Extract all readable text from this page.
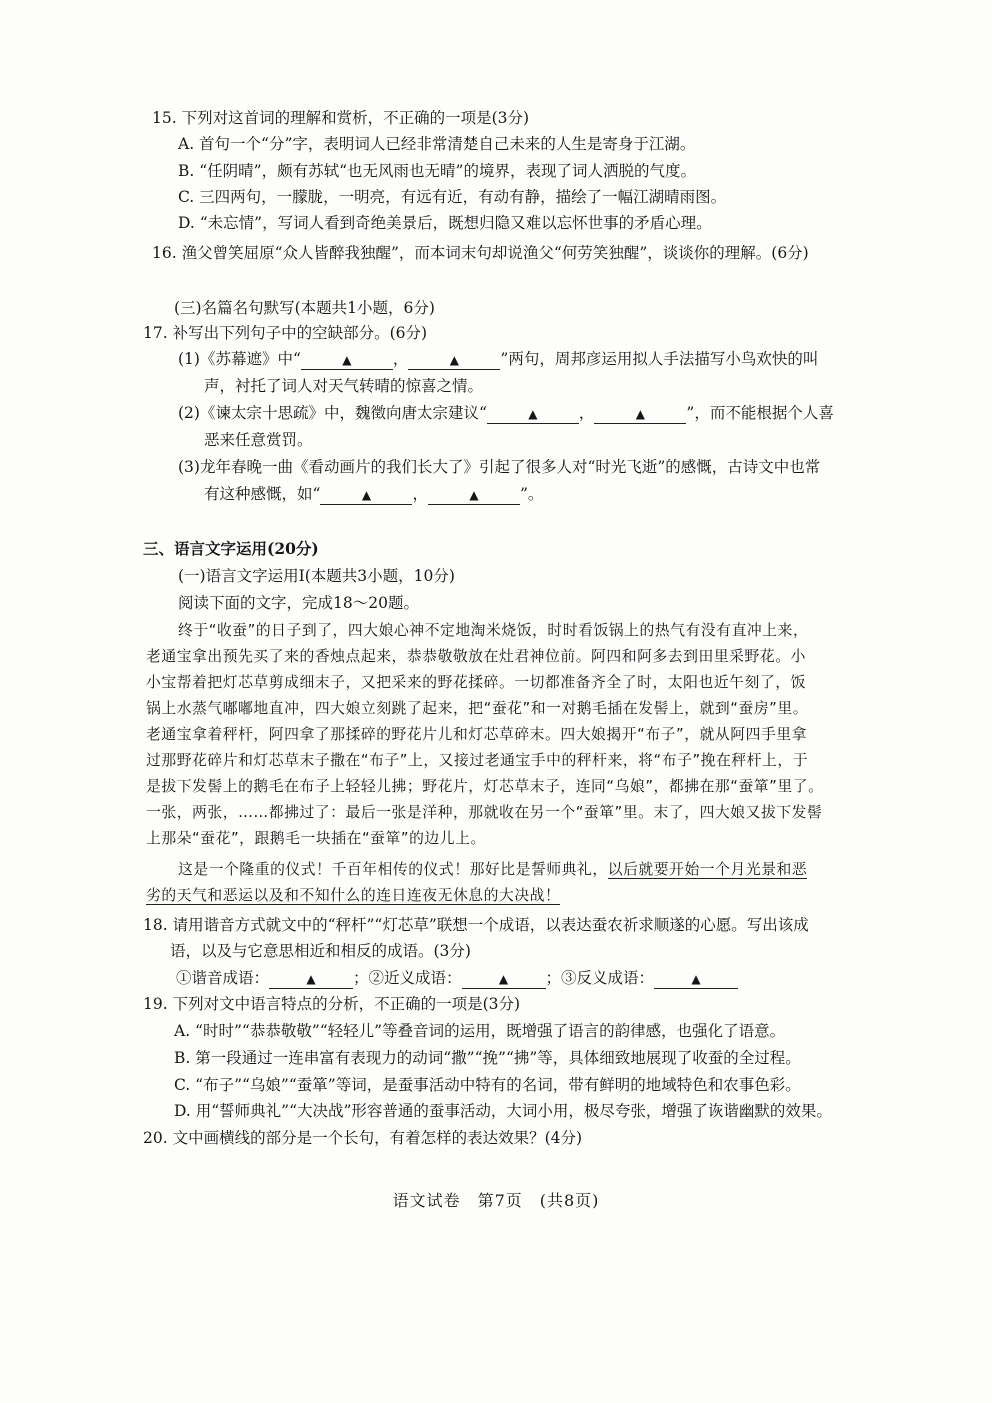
15. 下列对这首词的理解和赏析，不正确的一项是(3分)
A. 首句一个“分”字，表明词人已经非常清楚自己未来的人生是寄身于江湖。
B. “任阴晴”，颇有苏轼“也无风雨也无晴”的境界，表现了词人洒脱的气度。
C. 三四两句，一朦胧，一明亮，有远有近，有动有静，描绘了一幅江湖晴雨图。
D. “未忘情”，写词人看到奇绝美景后，既想归隐又难以忘怀世事的矛盾心理。
16. 渔父曾笑屈原“众人皆醉我独醒”，而本词末句却说渔父“何劳笑独醒”，谈谈你的理解。(6分)
(三)名篇名句默写(本题共1小题，6分)
17. 补写出下列句子中的空缺部分。(6分)
(1)《苏幕遮》中“	▲	，	▲	”两句，周邦彦运用拟人手法描写小鸟欢快的叫
声，衬托了词人对天气转晴的惊喜之情。
(2)《谏太宗十思疏》中，魏徵向唐太宗建议“	▲	，	▲	”，而不能根据个人喜
恶来任意赏罚。
(3)龙年春晚一曲《看动画片的我们长大了》引起了很多人对“时光飞逝”的感慨，古诗文中也常
有这种感慨，如“	▲	，	▲	”。
三、语言文字运用(20分)
(一)语言文字运用Ⅰ(本题共3小题，10分)
阅读下面的文字，完成18～20题。
终于“收蚕”的日子到了，四大娘心神不定地淘米烧饭，时时看饭锅上的热气有没有直冲上来，
老通宝拿出预先买了来的香烛点起来，恭恭敬敬放在灶君神位前。阿四和阿多去到田里采野花。小
小宝帮着把灯芯草剪成细末子，又把采来的野花揉碎。一切都准备齐全了时，太阳也近午刻了，饭
锅上水蒸气嘟嘟地直冲，四大娘立刻跳了起来，把“蚕花”和一对鹅毛插在发髻上，就到“蚕房”里。
老通宝拿着秤杆，阿四拿了那揉碎的野花片儿和灯芯草碎末。四大娘揭开“布子”，就从阿四手里拿
过那野花碎片和灯芯草末子撒在“布子”上，又接过老通宝手中的秤杆来，将“布子”挽在秤杆上，于
是拔下发髻上的鹅毛在布子上轻轻儿拂；野花片，灯芯草末子，连同“乌娘”，都拂在那“蚕箪”里了。
一张，两张，……都拂过了：最后一张是洋种，那就收在另一个“蚕箪”里。末了，四大娘又拔下发髻
上那朵“蚕花”，跟鹅毛一块插在“蚕箪”的边儿上。
这是一个隆重的仪式！千百年相传的仪式！那好比是誓师典礼，以后就要开始一个月光景和恶
劣的天气和恶运以及和不知什么的连日连夜无休息的大决战！
18. 请用谐音方式就文中的“秤杆”“灯芯草”联想一个成语，以表达蚕农祈求顺遂的心愿。写出该成
语，以及与它意思相近和相反的成语。(3分)
①谐音成语：	▲ ；②近义成语：	▲ ；③反义成语：	▲
19. 下列对文中语言特点的分析，不正确的一项是(3分)
A. “时时”“恭恭敬敬”“轻轻儿”等叠音词的运用，既增强了语言的韵律感，也强化了语意。
B. 第一段通过一连串富有表现力的动词“撒”“挽”“拂”等，具体细致地展现了收蚕的全过程。
C. “布子”“乌娘”“蚕箪”等词，是蚕事活动中特有的名词，带有鲜明的地域特色和农事色彩。
D. 用“誓师典礼”“大决战”形容普通的蚕事活动，大词小用，极尽夸张，增强了诙谐幽默的效果。
20. 文中画横线的部分是一个长句，有着怎样的表达效果？(4分)
语文试卷　第7页　(共8页)
